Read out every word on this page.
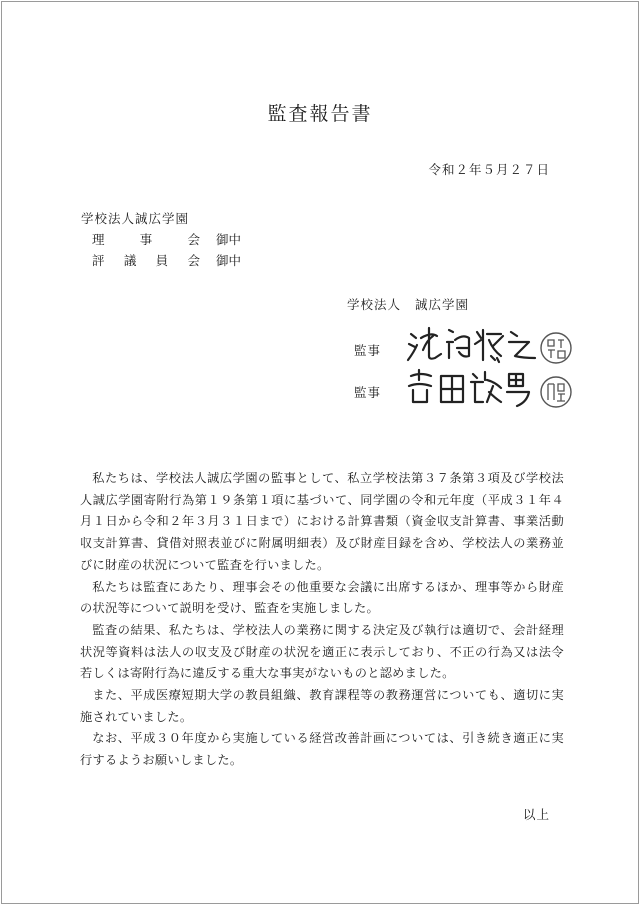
監査報告書
令和２年５月２７日
学校法人誠広学園
理	事	会 御中
評 議 員 会 御中
学校法人 誠広学園
監事
監事

私たちは、学校法人誠広学園の監事として、私立学校法第３７条第３項及び学校法人誠広学園寄附行為第１９条第１項に基づいて、同学園の令和元年度（平成３１年４月１日から令和２年３月３１日まで）における計算書類（資金収支計算書、事業活動収支計算書、貸借対照表並びに附属明細表）及び財産目録を含め、学校法人の業務並びに財産の状況について監査を行いました。

私たちは監査にあたり、理事会その他重要な会議に出席するほか、理事等から財産の状況等について説明を受け、監査を実施しました。

監査の結果、私たちは、学校法人の業務に関する決定及び執行は適切で、会計経理状況等資料は法人の収支及び財産の状況を適正に表示しており、不正の行為又は法令若しくは寄附行為に違反する重大な事実がないものと認めました。

また、平成医療短期大学の教員組織、教育課程等の教務運営についても、適切に実施されていました。

なお、平成３０年度から実施している経営改善計画については、引き続き適正に実行するようお願いしました。

以上
